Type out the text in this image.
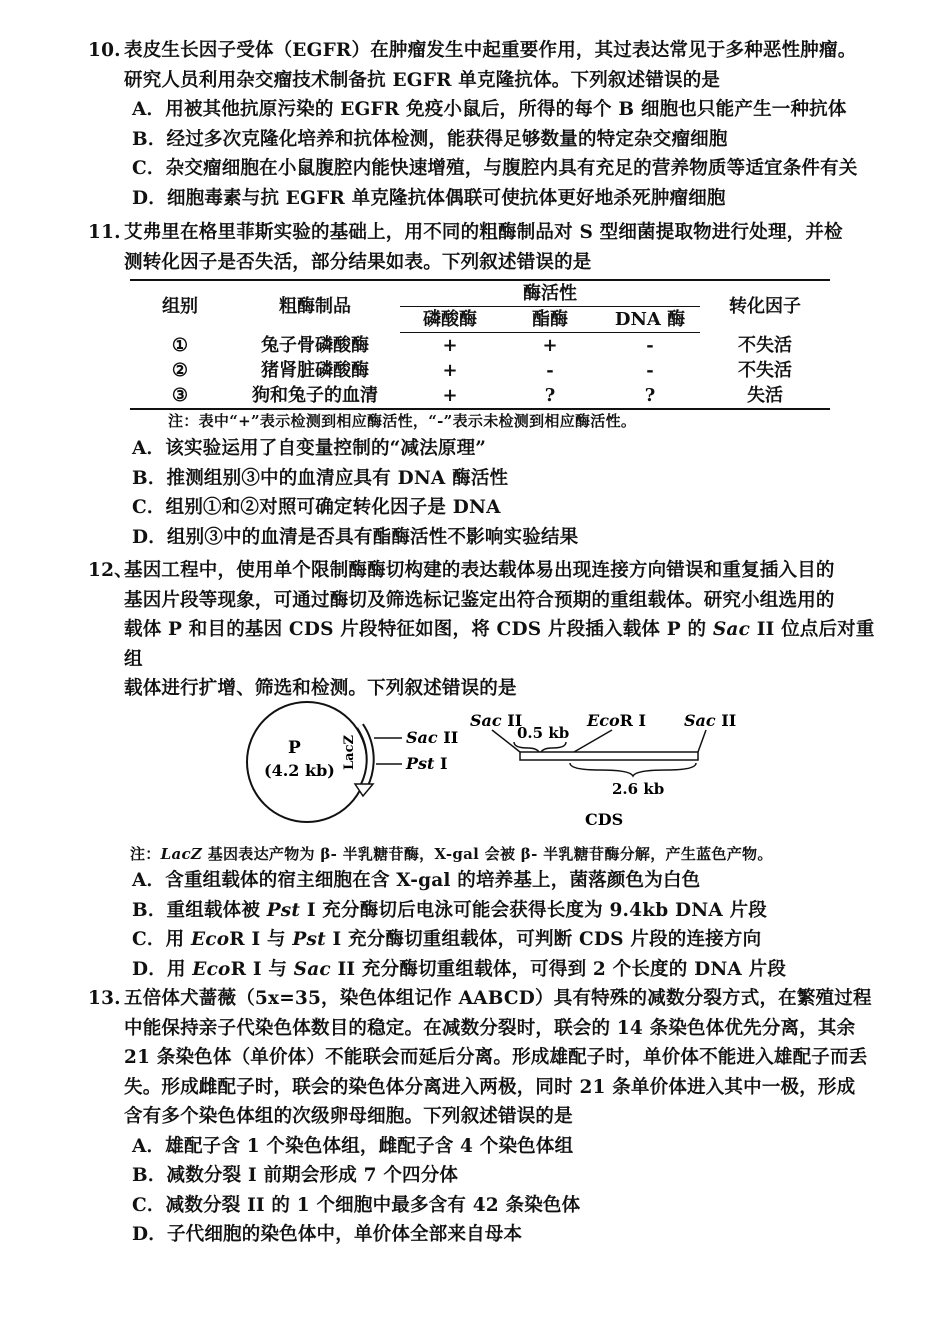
10. 表皮生长因子受体（EGFR）在肿瘤发生中起重要作用，其过表达常见于多种恶性肿瘤。
研究人员利用杂交瘤技术制备抗 EGFR 单克隆抗体。下列叙述错误的是
A．用被其他抗原污染的 EGFR 免疫小鼠后，所得的每个 B 细胞也只能产生一种抗体
B．经过多次克隆化培养和抗体检测，能获得足够数量的特定杂交瘤细胞
C．杂交瘤细胞在小鼠腹腔内能快速增殖，与腹腔内具有充足的营养物质等适宜条件有关
D．细胞毒素与抗 EGFR 单克隆抗体偶联可使抗体更好地杀死肿瘤细胞
11. 艾弗里在格里菲斯实验的基础上，用不同的粗酶制品对 S 型细菌提取物进行处理，并检
测转化因子是否失活，部分结果如表。下列叙述错误的是
组别	粗酶制品	酶活性			转化因子
		磷酸酶	酯酶	DNA 酶	
①	兔子骨磷酸酶	+	+	-	不失活
②	猪肾脏磷酸酶	+	-	-	不失活
③	狗和兔子的血清	+	?	?	失活
注：表中“+”表示检测到相应酶活性，“-”表示未检测到相应酶活性。
A．该实验运用了自变量控制的“减法原理”
B．推测组别③中的血清应具有 DNA 酶活性
C．组别①和②对照可确定转化因子是 DNA
D．组别③中的血清是否具有酯酶活性不影响实验结果
12、基因工程中，使用单个限制酶酶切构建的表达载体易出现连接方向错误和重复插入目的
基因片段等现象，可通过酶切及筛选标记鉴定出符合预期的重组载体。研究小组选用的
载体 P 和目的基因 CDS 片段特征如图，将 CDS 片段插入载体 P 的 Sac II 位点后对重组
载体进行扩增、筛选和检测。下列叙述错误的是
P
(4.2 kb)
LacZ	Sac II
Pst I
Sac II	EcoR I Sac II
0.5 kb
2.6 kb
CDS
注：LacZ 基因表达产物为 β- 半乳糖苷酶，X-gal 会被 β- 半乳糖苷酶分解，产生蓝色产物。
A．含重组载体的宿主细胞在含 X-gal 的培养基上，菌落颜色为白色
B．重组载体被 Pst I 充分酶切后电泳可能会获得长度为 9.4kb DNA 片段
C．用 EcoR I 与 Pst I 充分酶切重组载体，可判断 CDS 片段的连接方向
D．用 EcoR I 与 Sac II 充分酶切重组载体，可得到 2 个长度的 DNA 片段
13. 五倍体犬蔷薇（5x=35，染色体组记作 AABCD）具有特殊的减数分裂方式，在繁殖过程
中能保持亲子代染色体数目的稳定。在减数分裂时，联会的 14 条染色体优先分离，其余
21 条染色体（单价体）不能联会而延后分离。形成雄配子时，单价体不能进入雄配子而丢
失。形成雌配子时，联会的染色体分离进入两极，同时 21 条单价体进入其中一极，形成
含有多个染色体组的次级卵母细胞。下列叙述错误的是
A．雄配子含 1 个染色体组，雌配子含 4 个染色体组
B．减数分裂 I 前期会形成 7 个四分体
C．减数分裂 II 的 1 个细胞中最多含有 42 条染色体
D．子代细胞的染色体中，单价体全部来自母本
